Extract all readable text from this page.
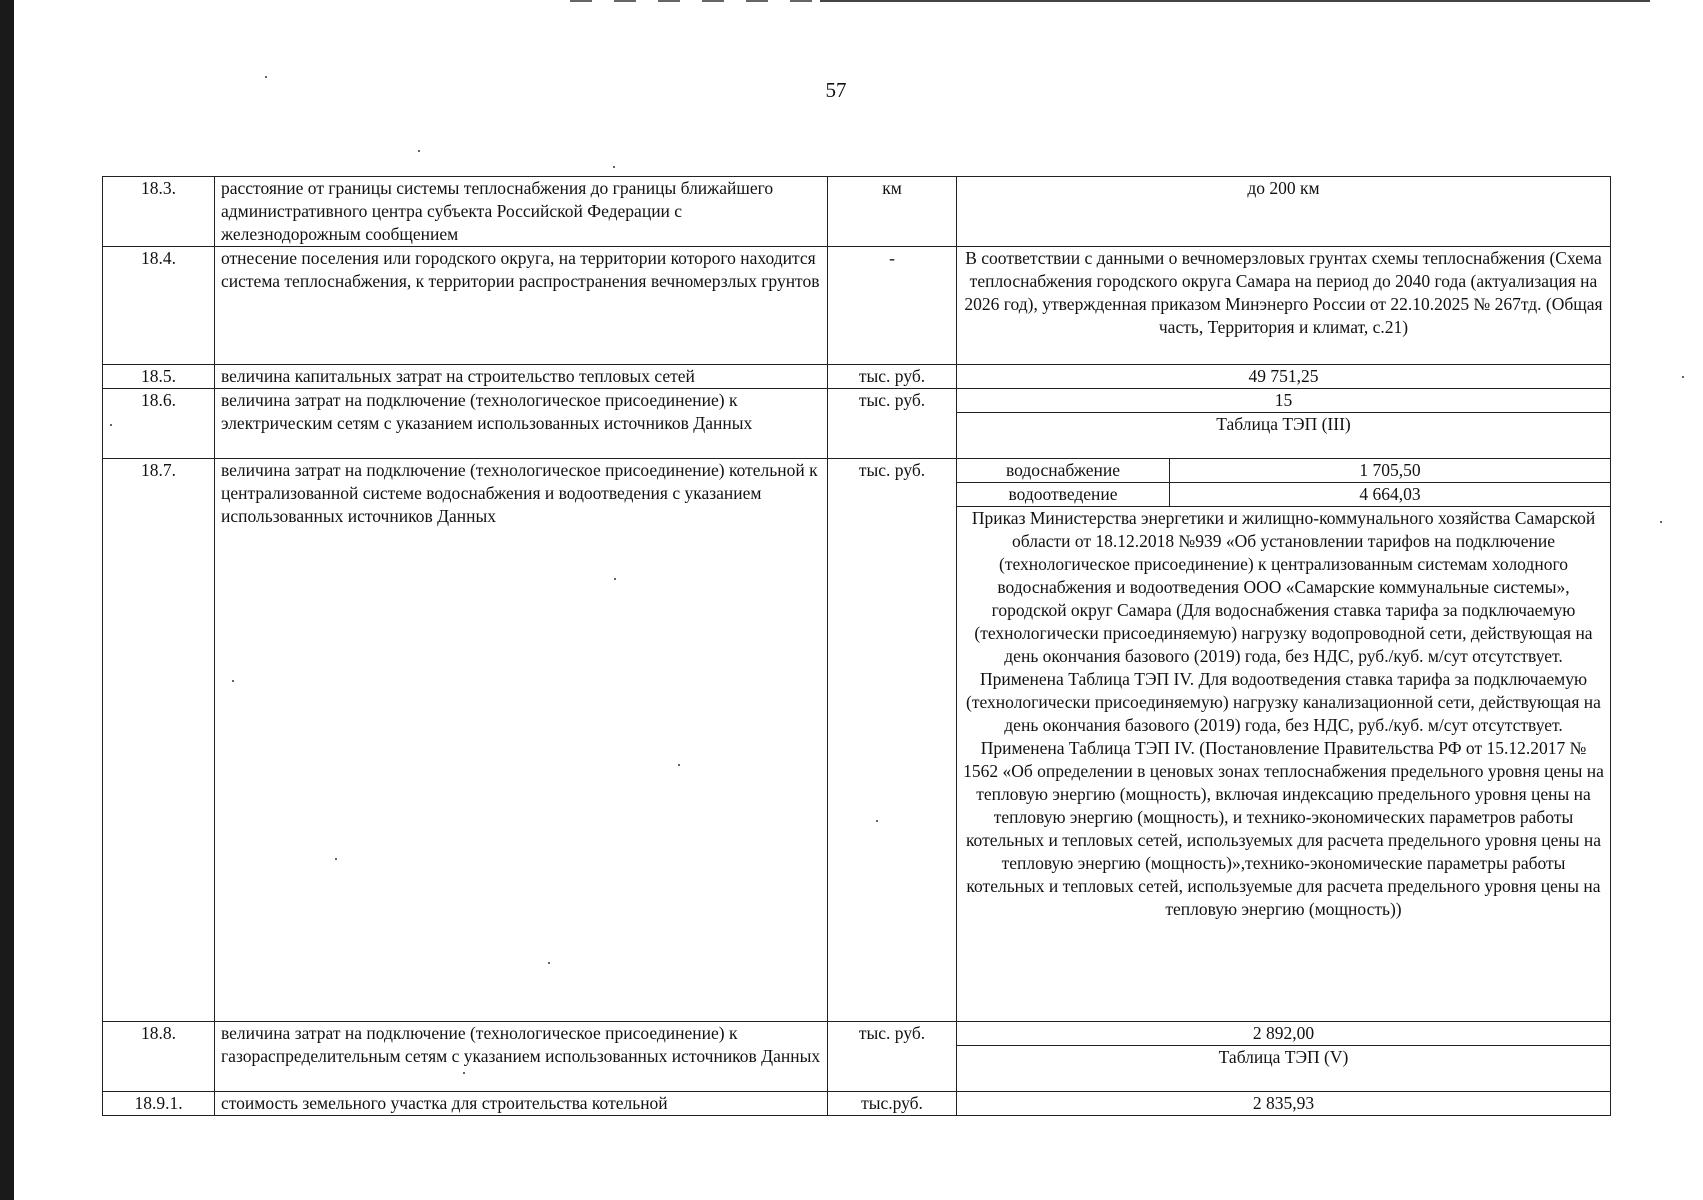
57
18.3.	расстояние от границы системы теплоснабжения до границы ближайшего административного центра субъекта Российской Федерации с железнодорожным сообщением	км	до 200 км
18.4.	отнесение поселения или городского округа, на территории которого находится система теплоснабжения, к территории распространения вечномерзлых грунтов	-	В соответствии с данными о вечномерзловых грунтах схемы теплоснабжения (Схема теплоснабжения городского округа Самара на период до 2040 года (актуализация на 2026 год), утвержденная приказом Минэнерго России от 22.10.2025 № 267тд. (Общая часть, Территория и климат, с.21)
18.5.	величина капитальных затрат на строительство тепловых сетей	тыс. руб.	49 751,25
18.6.	величина затрат на подключение (технологическое присоединение) к электрическим сетям с указанием использованных источников Данных	тыс. руб.		15
Таблица ТЭП (III)

18.7.	величина затрат на подключение (технологическое присоединение) котельной к централизованной системе водоснабжения и водоотведения с указанием использованных источников Данных	тыс. руб.		водоснабжение	1 705,50
водоотведение	4 664,03
Приказ Министерства энергетики и жилищно-коммунального хозяйства Самарской области от 18.12.2018 №939 «Об установлении тарифов на подключение (технологическое присоединение) к централизованным системам холодного водоснабжения и водоотведения ООО «Самарские коммунальные системы», городской округ Самара (Для водоснабжения ставка тарифа за подключаемую (технологически присоединяемую) нагрузку водопроводной сети, действующая на день окончания базового (2019) года, без НДС, руб./куб. м/сут отсутствует. Применена Таблица ТЭП IV. Для водоотведения ставка тарифа за подключаемую (технологически присоединяемую) нагрузку канализационной сети, действующая на день окончания базового (2019) года, без НДС, руб./куб. м/сут отсутствует. Применена Таблица ТЭП IV. (Постановление Правительства РФ от 15.12.2017 № 1562 «Об определении в ценовых зонах теплоснабжения предельного уровня цены на тепловую энергию (мощность), включая индексацию предельного уровня цены на тепловую энергию (мощность), и технико-экономических параметров работы котельных и тепловых сетей, используемых для расчета предельного уровня цены на тепловую энергию (мощность)»,технико-экономические параметры работы котельных и тепловых сетей, используемые для расчета предельного уровня цены на тепловую энергию (мощность))

18.8.	величина затрат на подключение (технологическое присоединение) к газораспределительным сетям с указанием использованных источников Данных	тыс. руб.		2 892,00
Таблица ТЭП (V)

18.9.1.	стоимость земельного участка для строительства котельной	тыс.руб.	2 835,93
